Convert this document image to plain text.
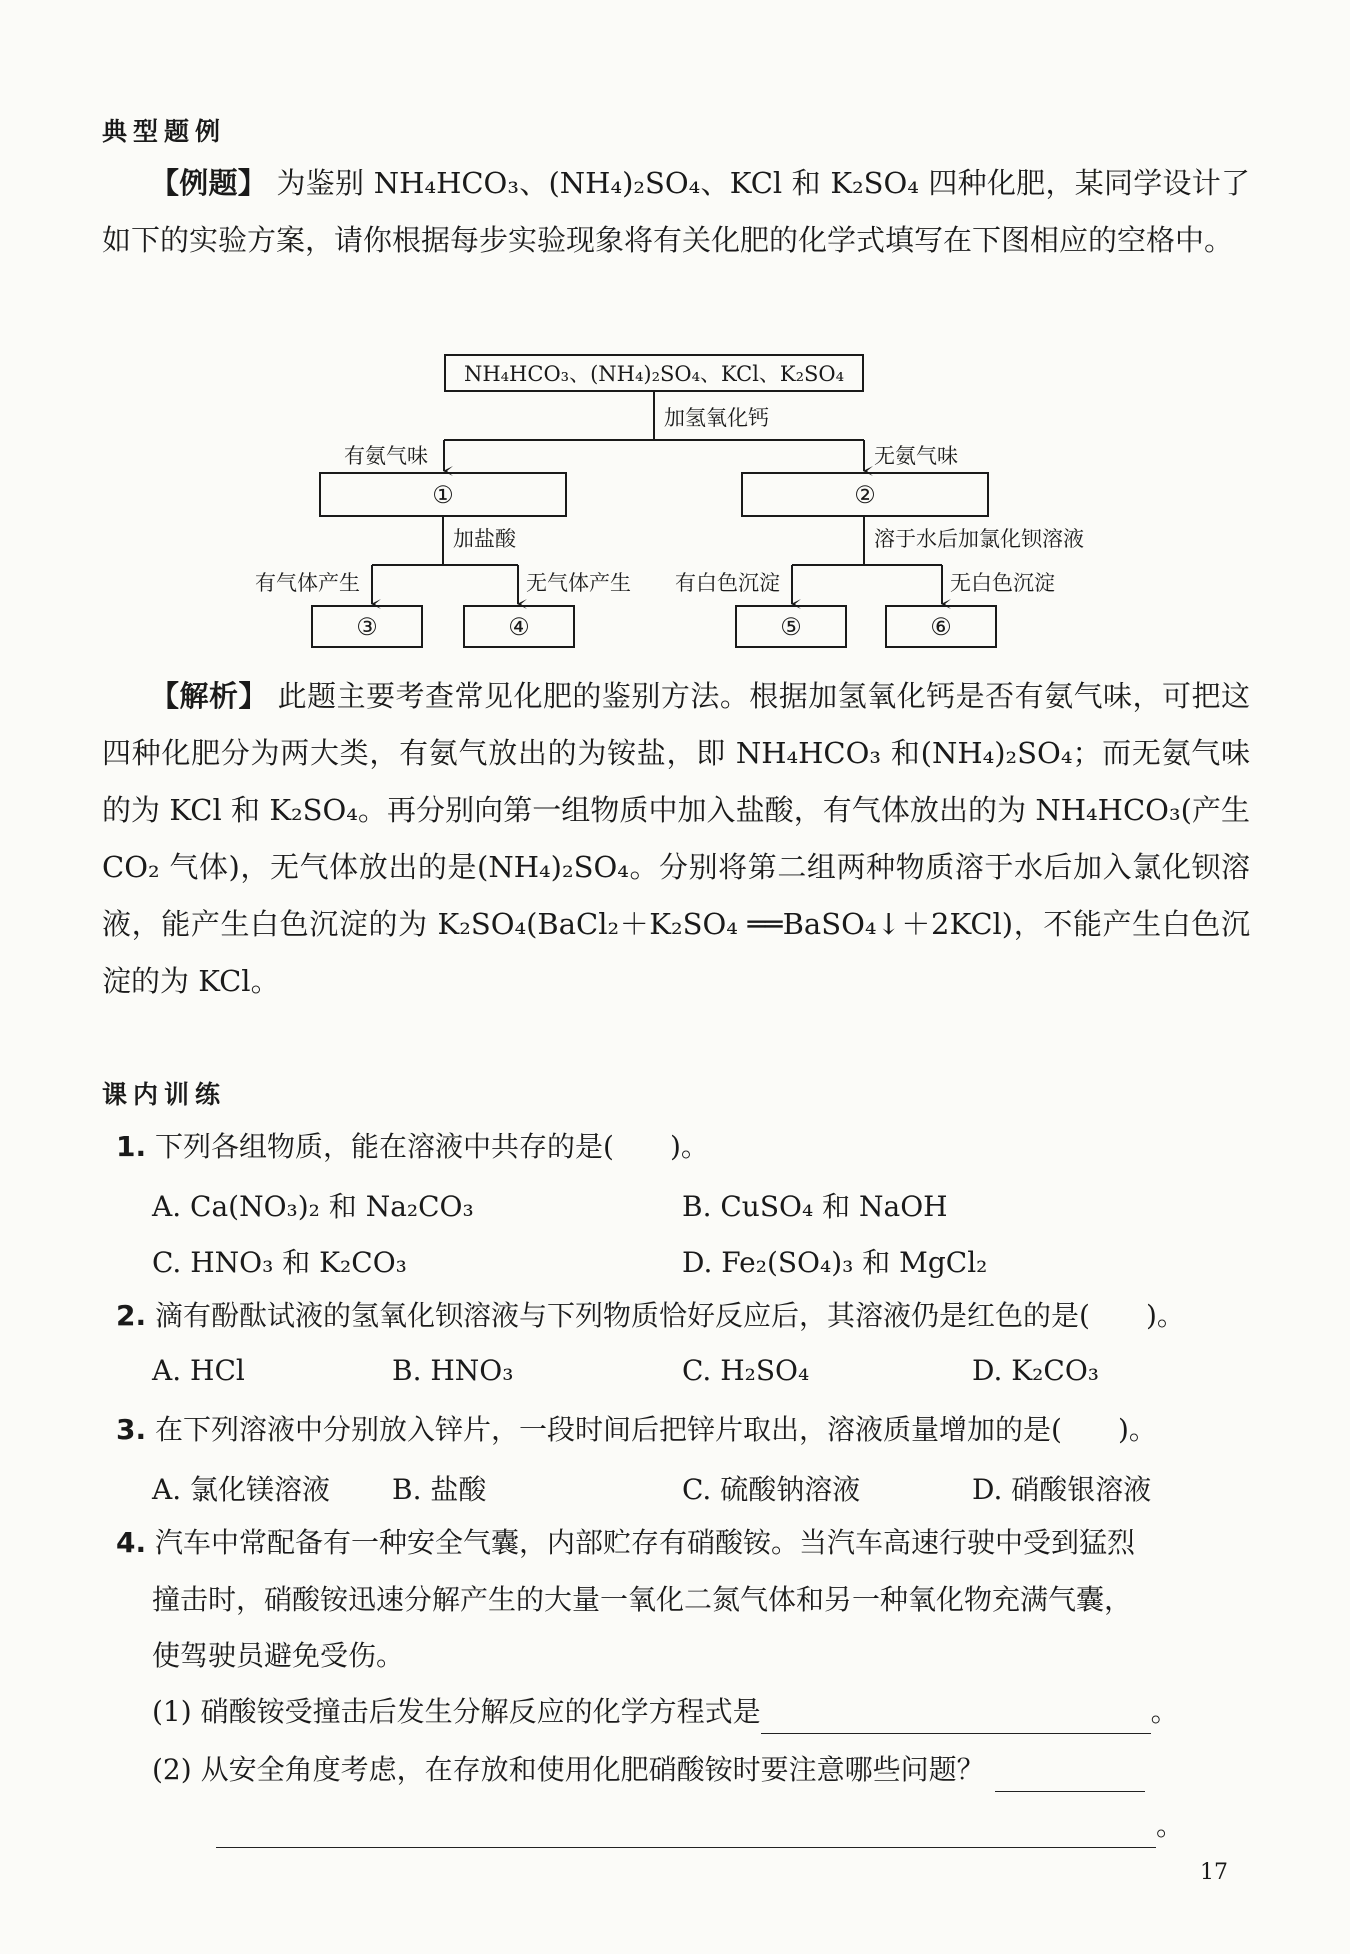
典型题例
【例题】 为鉴别 NH₄HCO₃、(NH₄)₂SO₄、KCl 和 K₂SO₄ 四种化肥，某同学设计了如下的实验方案，请你根据每步实验现象将有关化肥的化学式填写在下图相应的空格中。
NH₄HCO₃、(NH₄)₂SO₄、KCl、K₂SO₄
加氢氧化钙
有氨气味	无氨气味
加盐酸	溶于水后加氯化钡溶液
有气体产生	无气体产生 有白色沉淀	无白色沉淀
①	②
③	④	⑤	⑥
【解析】 此题主要考查常见化肥的鉴别方法。根据加氢氧化钙是否有氨气味，可把这四种化肥分为两大类，有氨气放出的为铵盐，即 NH₄HCO₃ 和(NH₄)₂SO₄；而无氨气味的为 KCl 和 K₂SO₄。再分别向第一组物质中加入盐酸，有气体放出的为 NH₄HCO₃(产生 CO₂ 气体)，无气体放出的是(NH₄)₂SO₄。分别将第二组两种物质溶于水后加入氯化钡溶液，能产生白色沉淀的为 K₂SO₄(BaCl₂＋K₂SO₄ ══BaSO₄↓＋2KCl)，不能产生白色沉淀的为 KCl。
课内训练
1. 下列各组物质，能在溶液中共存的是(　　)。
A. Ca(NO₃)₂ 和 Na₂CO₃	B. CuSO₄ 和 NaOH
C. HNO₃ 和 K₂CO₃	D. Fe₂(SO₄)₃ 和 MgCl₂
2. 滴有酚酞试液的氢氧化钡溶液与下列物质恰好反应后，其溶液仍是红色的是(　　)。
A. HCl	B. HNO₃	C. H₂SO₄	D. K₂CO₃
3. 在下列溶液中分别放入锌片，一段时间后把锌片取出，溶液质量增加的是(　　)。
A. 氯化镁溶液 B. 盐酸	C. 硫酸钠溶液	D. 硝酸银溶液
4. 汽车中常配备有一种安全气囊，内部贮存有硝酸铵。当汽车高速行驶中受到猛烈
撞击时，硝酸铵迅速分解产生的大量一氧化二氮气体和另一种氧化物充满气囊，
使驾驶员避免受伤。
(1) 硝酸铵受撞击后发生分解反应的化学方程式是	。
(2) 从安全角度考虑，在存放和使用化肥硝酸铵时要注意哪些问题？
。
17
